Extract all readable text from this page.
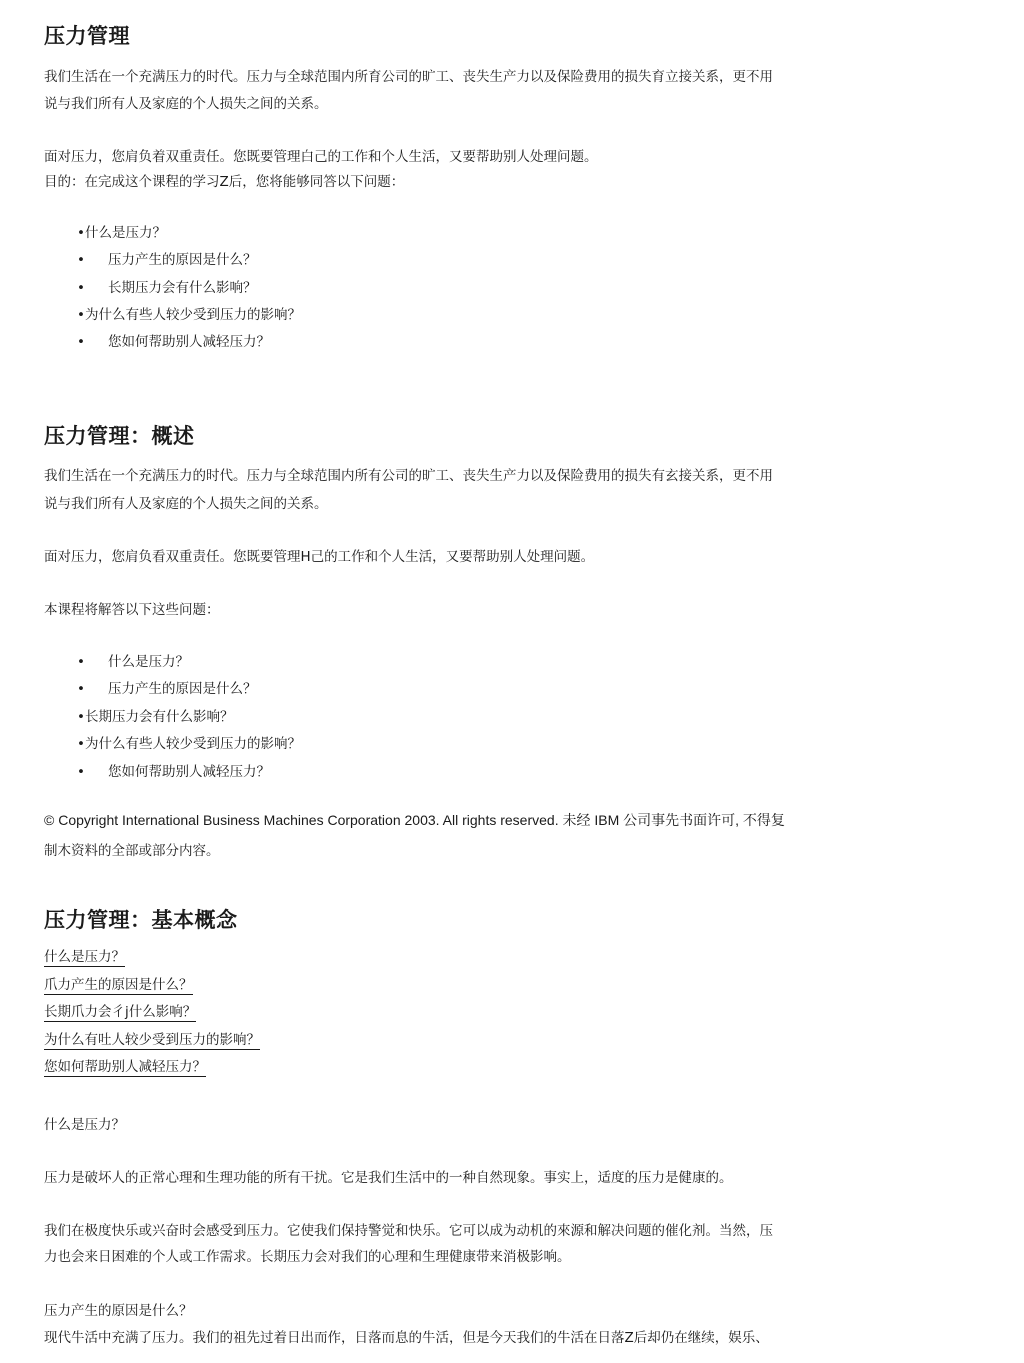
压力管理
我们生活在一个充满压力的时代。压力与全球范围内所育公司的旷工、丧失生产力以及保险费用的损失育立接关系，更不用
说与我们所有人及家庭的个人损失之间的关系。
面对压力，您肩负着双重责任。您既要管理白己的工作和个人生活，又要帮助别人处理问题。
目的：在完成这个课程的学习Z后，您将能够同答以下问题：
•什么是压力？
• 压力产生的原因是什么？
• 长期压力会有什么影响？
•为什么有些人较少受到压力的影响？
• 您如何帮助别人减轻压力？
压力管理：概述
我们生活在一个充满压力的时代。压力与全球范围内所有公司的旷工、丧失生产力以及保险费用的损失有玄接关系，更不用
说与我们所有人及家庭的个人损失之间的关系。
面对压力，您肩负看双重责任。您既要管理H己的工作和个人生活，又要帮助别人处理问题。
本课程将解答以下这些问题：
• 什么是压力？
• 压力产生的原因是什么？
•长期压力会有什么影响？
•为什么有些人较少受到压力的影响？
• 您如何帮助别人减轻压力？
© Copyright International Business Machines Corporation 2003. All rights reserved. 未经 IBM 公司事先书面许可, 不得复
制木资料的全部或部分内容。
压力管理：基本概念
什么是压力？
爪力产生的原因是什么？
长期爪力会彳j什么影响？
为什么有吐人较少受到压力的影响？
您如何帮助别人减轻压力？
什么是压力？
压力是破坏人的正常心理和生理功能的所有干扰。它是我们生活中的一种自然现象。事实上，适度的压力是健康的。
我们在极度快乐或兴奋时会感受到压力。它使我们保持警觉和快乐。它可以成为动机的來源和解决问题的催化剂。当然，压
力也会来日困难的个人或工作需求。长期压力会对我们的心理和生理健康带来消极影响。
压力产生的原因是什么？
现代牛活中充满了压力。我们的祖先过着日出而作，日落而息的牛活，但是今天我们的牛活在日落Z后却仍在继续，娱乐、
